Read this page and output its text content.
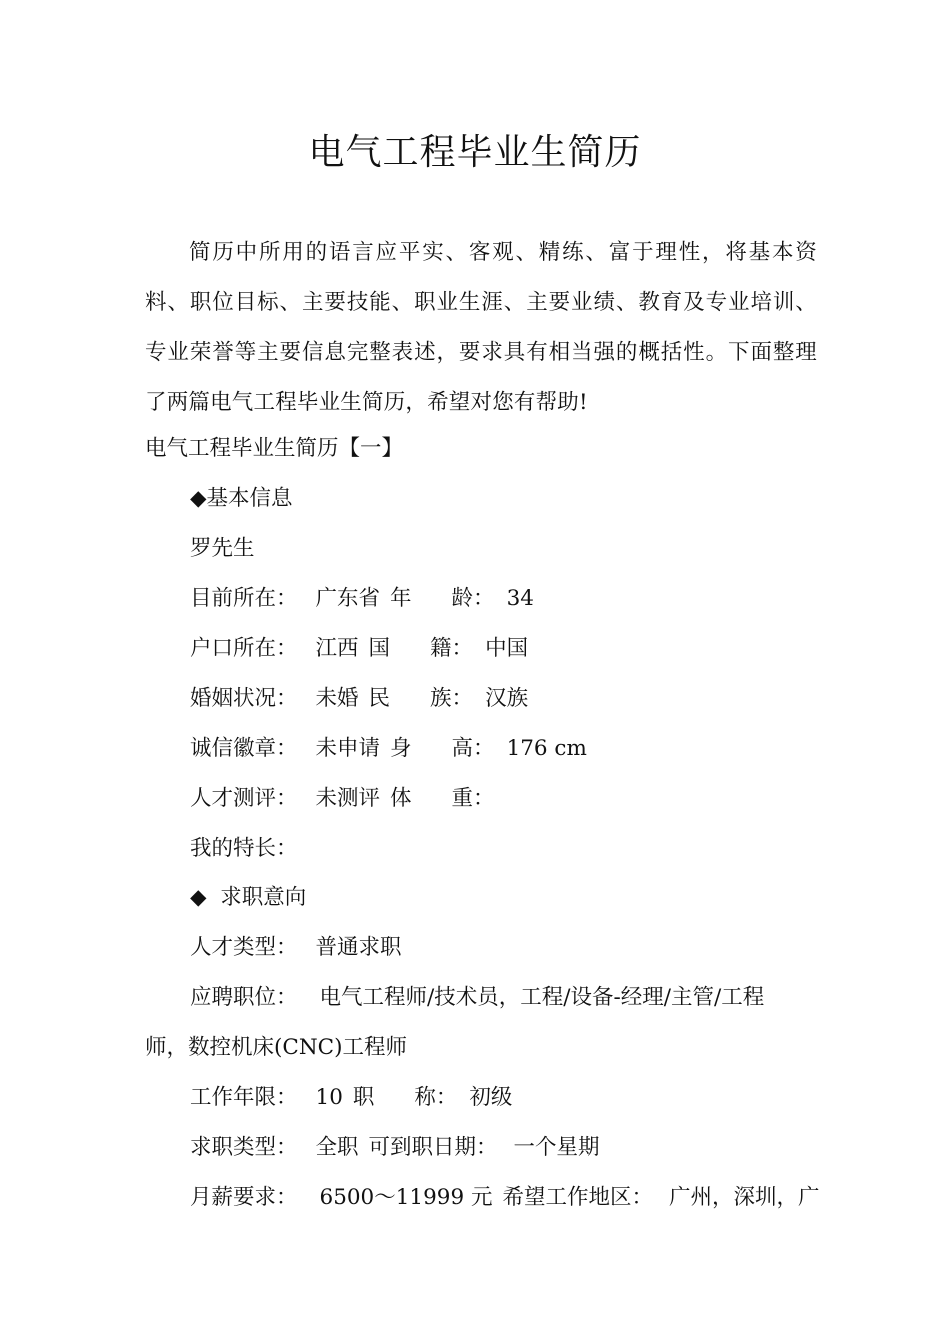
电气工程毕业生简历
简历中所用的语言应平实、客观、精练、富于理性，将基本资料、职位目标、主要技能、职业生涯、主要业绩、教育及专业培训、专业荣誉等主要信息完整表述，要求具有相当强的概括性。下面整理了两篇电气工程毕业生简历，希望对您有帮助!
电气工程毕业生简历【一】
◆基本信息
罗先生
目前所在： 广东省 年 龄： 34
户口所在： 江西 国 籍： 中国
婚姻状况： 未婚 民 族： 汉族
诚信徽章： 未申请 身 高： 176 cm
人才测评： 未测评 体 重：
我的特长：
◆  求职意向
人才类型： 普通求职
应聘职位： 电气工程师/技术员，工程/设备-经理/主管/工程
师，数控机床(CNC)工程师
工作年限： 10 职 称： 初级
求职类型： 全职 可到职日期： 一个星期
月薪要求： 6500～11999 元 希望工作地区： 广州，深圳，广
